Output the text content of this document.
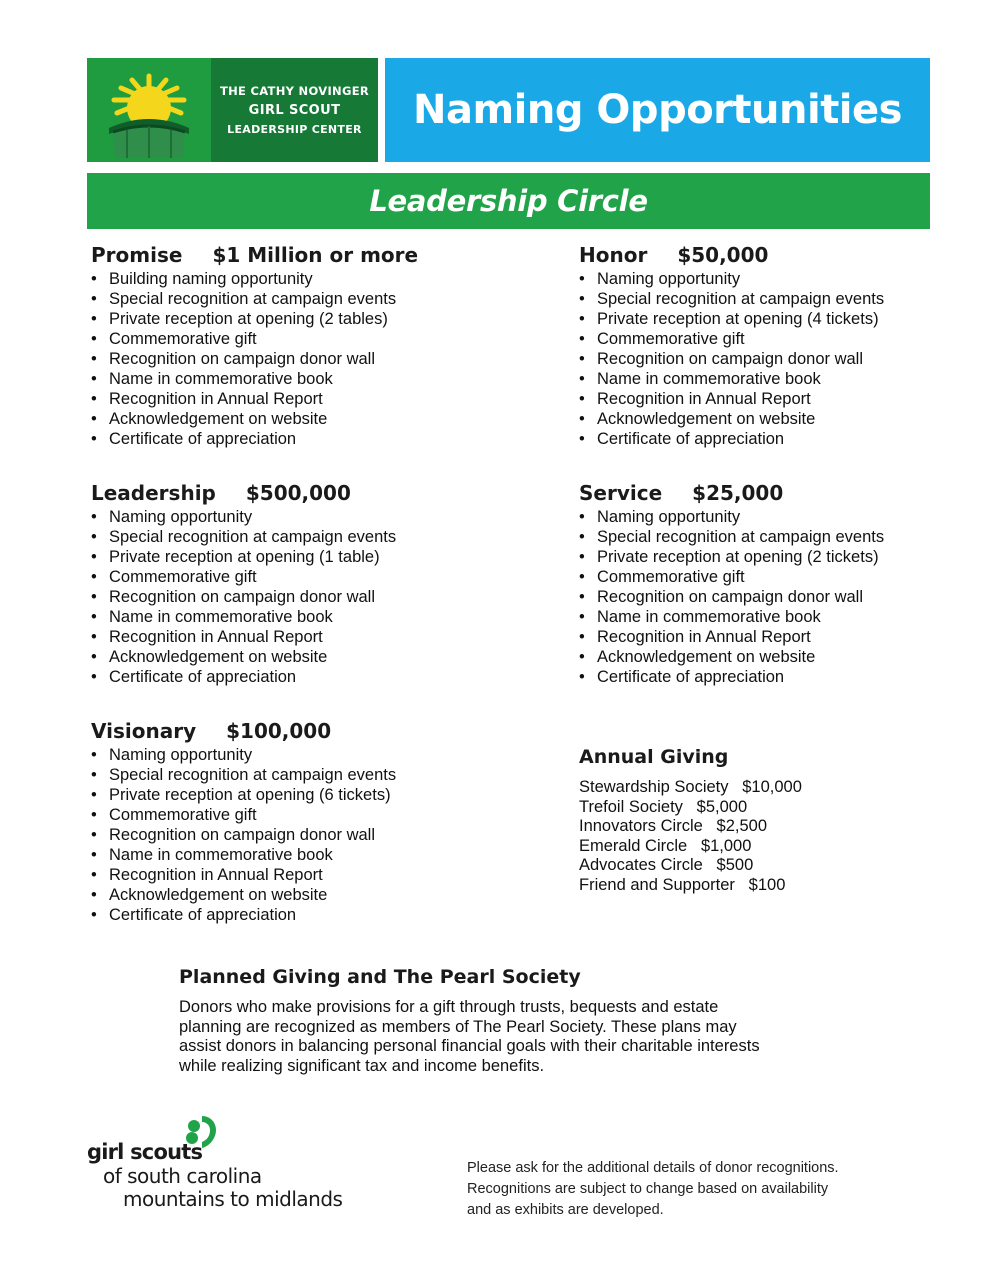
THE CATHY NOVINGER
GIRL SCOUT
LEADERSHIP CENTER Naming Opportunities
Leadership Circle
Promise $1 Million or more
• Building naming opportunity
• Special recognition at campaign events
• Private reception at opening (2 tables)
• Commemorative gift
• Recognition on campaign donor wall
• Name in commemorative book
• Recognition in Annual Report
• Acknowledgement on website
• Certificate of appreciation
Honor $50,000
• Naming opportunity
• Special recognition at campaign events
• Private reception at opening (4 tickets)
• Commemorative gift
• Recognition on campaign donor wall
• Name in commemorative book
• Recognition in Annual Report
• Acknowledgement on website
• Certificate of appreciation
Leadership $500,000
• Naming opportunity
• Special recognition at campaign events
• Private reception at opening (1 table)
• Commemorative gift
• Recognition on campaign donor wall
• Name in commemorative book
• Recognition in Annual Report
• Acknowledgement on website
• Certificate of appreciation
Service $25,000
• Naming opportunity
• Special recognition at campaign events
• Private reception at opening (2 tickets)
• Commemorative gift
• Recognition on campaign donor wall
• Name in commemorative book
• Recognition in Annual Report
• Acknowledgement on website
• Certificate of appreciation
Visionary $100,000
• Naming opportunity
• Special recognition at campaign events
• Private reception at opening (6 tickets)
• Commemorative gift
• Recognition on campaign donor wall
• Name in commemorative book
• Recognition in Annual Report
• Acknowledgement on website
• Certificate of appreciation
Annual Giving

Stewardship Society   $10,000

Trefoil Society   $5,000

Innovators Circle   $2,500

Emerald Circle   $1,000

Advocates Circle   $500

Friend and Supporter   $100

Planned Giving and The Pearl Society

Donors who make provisions for a gift through trusts, bequests and estate

planning are recognized as members of The Pearl Society. These plans may

assist donors in balancing personal financial goals with their charitable interests

while realizing significant tax and income benefits.

girl scouts
of south carolina
mountains to midlands

Please ask for the additional details of donor recognitions.

Recognitions are subject to change based on availability

and as exhibits are developed.
